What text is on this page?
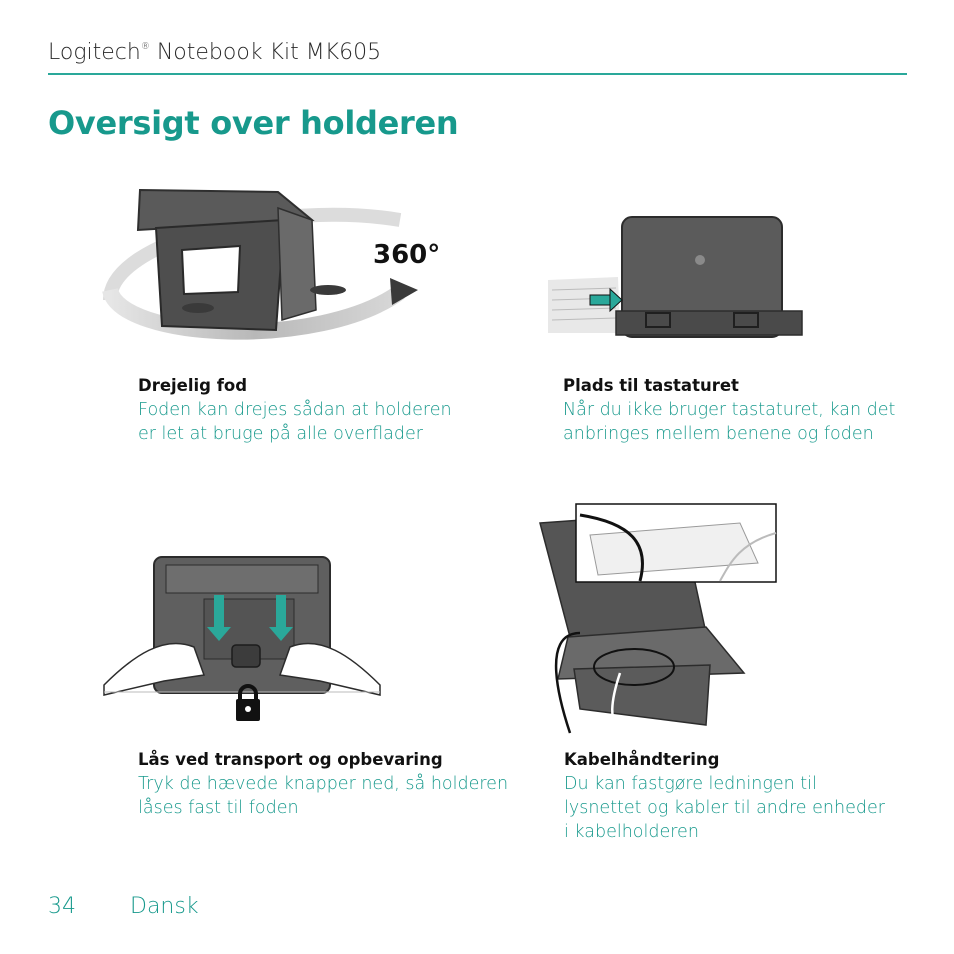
Logitech® Notebook Kit MK605
Oversigt over holderen
360°
Drejelig fod
Foden kan drejes sådan at holderen
er let at bruge på alle overflader
Plads til tastaturet
Når du ikke bruger tastaturet, kan det
anbringes mellem benene og foden
Lås ved transport og opbevaring
Tryk de hævede knapper ned, så holderen
låses fast til foden
Kabelhåndtering
Du kan fastgøre ledningen til
lysnettet og kabler til andre enheder
i kabelholderen
34 Dansk
